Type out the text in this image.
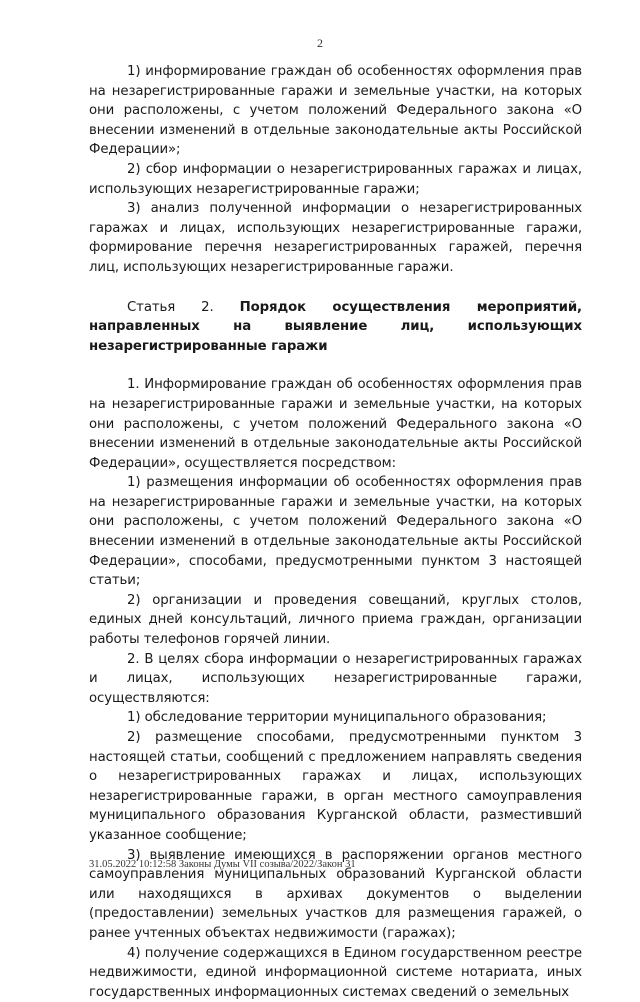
2

1) информирование граждан об особенностях оформления прав на незарегистрированные гаражи и земельные участки, на которых они расположены, с учетом положений Федерального закона «О внесении изменений в отдельные законодательные акты Российской Федерации»;

2) сбор информации о незарегистрированных гаражах и лицах, использующих незарегистрированные гаражи;

3) анализ полученной информации о незарегистрированных гаражах и лицах, использующих незарегистрированные гаражи, формирование перечня незарегистрированных гаражей, перечня лиц, использующих незарегистрированные гаражи.

Статья 2. Порядок осуществления мероприятий, направленных на выявление лиц, использующих незарегистрированные гаражи

1. Информирование граждан об особенностях оформления прав на незарегистрированные гаражи и земельные участки, на которых они расположены, с учетом положений Федерального закона «О внесении изменений в отдельные законодательные акты Российской Федерации», осуществляется посредством:

1) размещения информации об особенностях оформления прав на незарегистрированные гаражи и земельные участки, на которых они расположены, с учетом положений Федерального закона «О внесении изменений в отдельные законодательные акты Российской Федерации», способами, предусмотренными пунктом 3 настоящей статьи;

2) организации и проведения совещаний, круглых столов, единых дней консультаций, личного приема граждан, организации работы телефонов горячей линии.

2. В целях сбора информации о незарегистрированных гаражах и лицах, использующих незарегистрированные гаражи, осуществляются:

1) обследование территории муниципального образования;

2) размещение способами, предусмотренными пунктом 3 настоящей статьи, сообщений с предложением направлять сведения о незарегистрированных гаражах и лицах, использующих незарегистрированные гаражи, в орган местного самоуправления муниципального образования Курганской области, разместивший указанное сообщение;

3) выявление имеющихся в распоряжении органов местного самоуправления муниципальных образований Курганской области или находящихся в архивах документов о выделении (предоставлении) земельных участков для размещения гаражей, о ранее учтенных объектах недвижимости (гаражах);

4) получение содержащихся в Едином государственном реестре недвижимости, единой информационной системе нотариата, иных государственных информационных системах сведений о земельных

31.05.2022 10:12:58 Законы Думы VII созыва/2022/Закон 31
